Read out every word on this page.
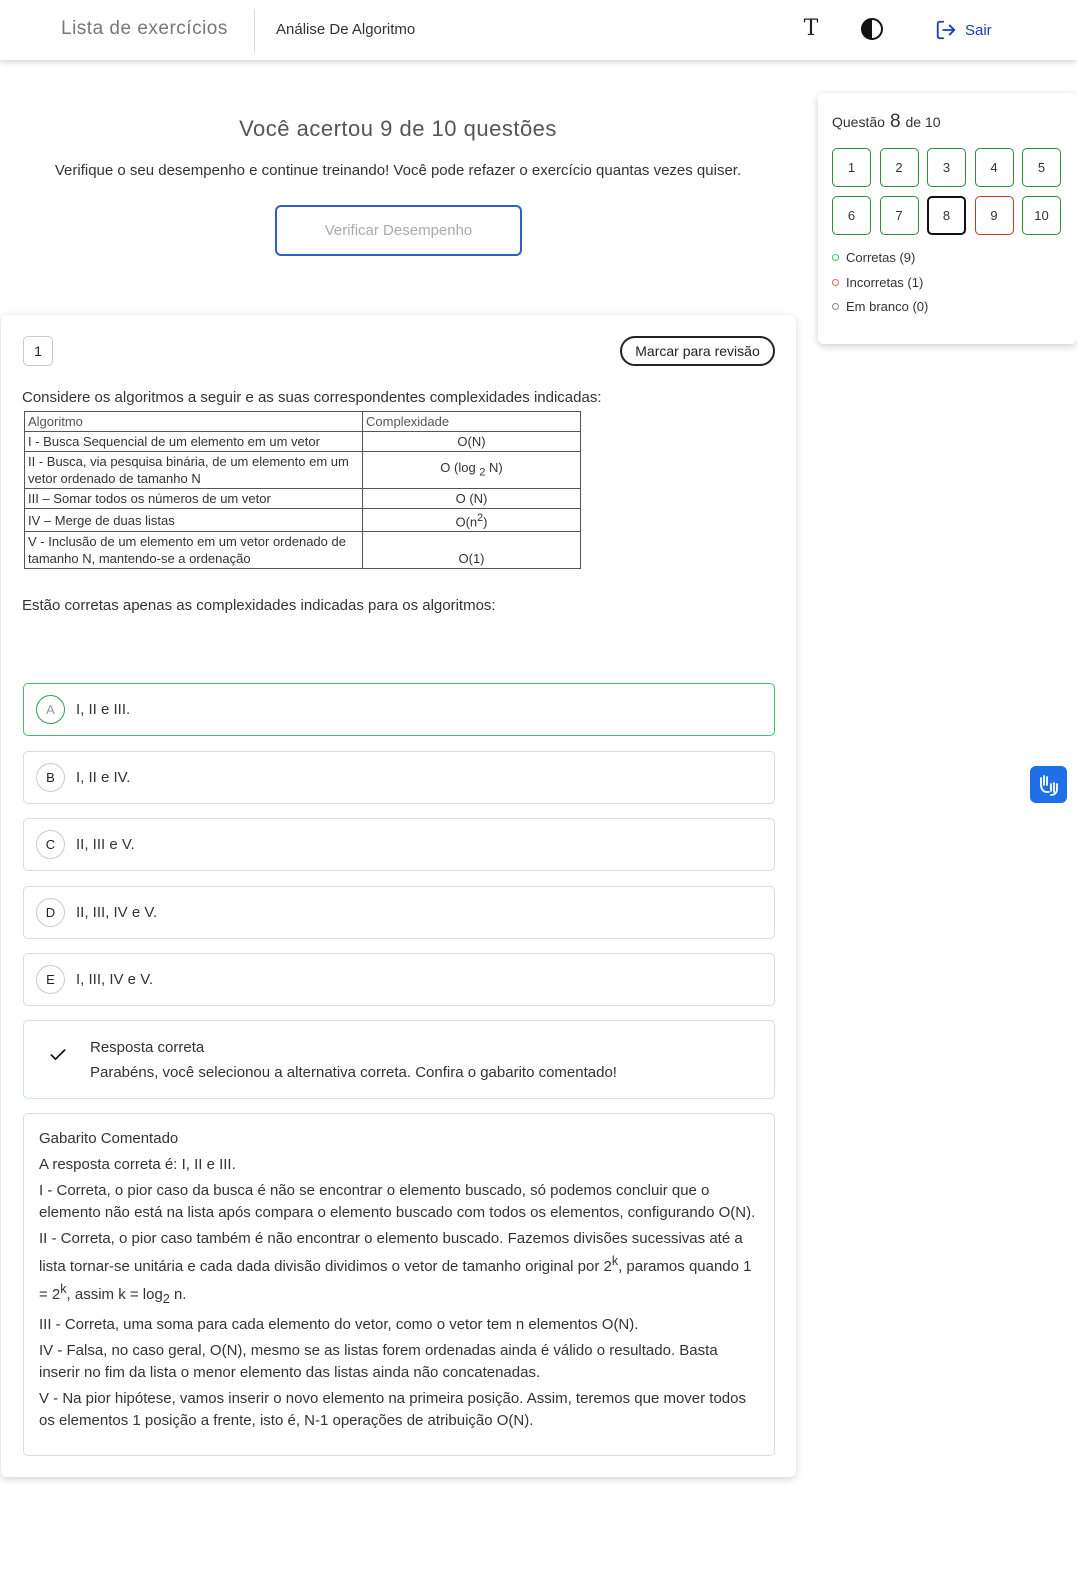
Lista de exercícios	Análise De Algoritmo	T	Sair
Você acertou 9 de 10 questões
Verifique o seu desempenho e continue treinando! Você pode refazer o exercício quantas vezes quiser.
Verificar Desempenho
1	Marcar para revisão
Considere os algoritmos a seguir e as suas correspondentes complexidades indicadas:
Algoritmo	Complexidade
I - Busca Sequencial de um elemento em um vetor	O(N)
II - Busca, via pesquisa binária, de um elemento em um vetor ordenado de tamanho N	O (log $_2$ N)
III – Somar todos os números de um vetor	O (N)
IV – Merge de duas listas	$O(n^2)$
V - Inclusão de um elemento em um vetor ordenado de tamanho N, mantendo-se a ordenação	O(1)
Estão corretas apenas as complexidades indicadas para os algoritmos:
A	I, II e III.
B	I, II e IV.
C	II, III e V.
D	II, III, IV e V.
E	I, III, IV e V.
Resposta correta
Parabéns, você selecionou a alternativa correta. Confira o gabarito comentado!
Gabarito Comentado

A resposta correta é: I, II e III.

I - Correta, o pior caso da busca é não se encontrar o elemento buscado, só podemos concluir que o elemento não está na lista após compara o elemento buscado com todos os elementos, configurando O(N).

II - Correta, o pior caso também é não encontrar o elemento buscado. Fazemos divisões sucessivas até a lista tornar-se unitária e cada dada divisão dividimos o vetor de tamanho original por 2$^k$, paramos quando $1 = 2^k$, assim $k = \log_2 n$.

III - Correta, uma soma para cada elemento do vetor, como o vetor tem n elementos O(N).

IV - Falsa, no caso geral, O(N), mesmo se as listas forem ordenadas ainda é válido o resultado. Basta inserir no fim da lista o menor elemento das listas ainda não concatenadas.

V - Na pior hipótese, vamos inserir o novo elemento na primeira posição. Assim, teremos que mover todos os elementos 1 posição a frente, isto é, N-1 operações de atribuição O(N).

Questão 8 de 10
1	2	3	4	5
6	7	8	9	10
Corretas (9)
Incorretas (1)
Em branco (0)
